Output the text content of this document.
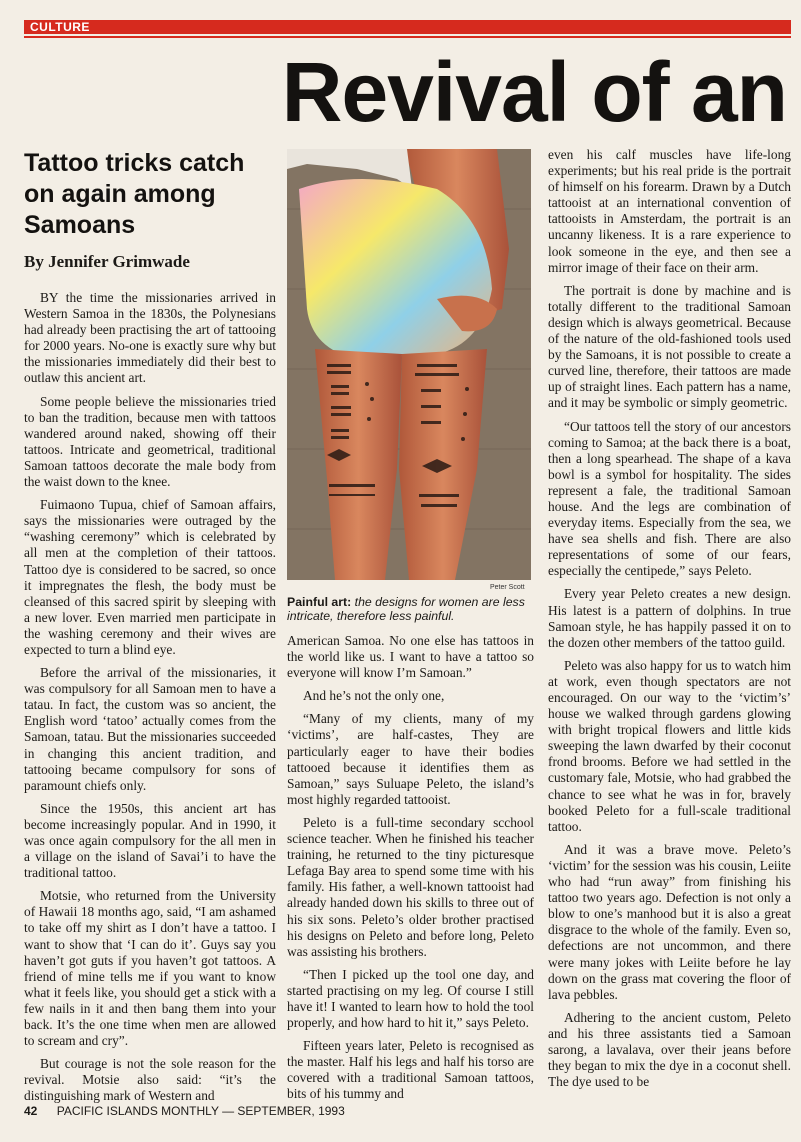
CULTURE
Revival of an
Tattoo tricks catch on again among Samoans
By Jennifer Grimwade

BY the time the missionaries arrived in Western Samoa in the 1830s, the Polynesians had already been practising the art of tattooing for 2000 years. No-one is exactly sure why but the missionaries immediately did their best to outlaw this ancient art.

Some people believe the missionaries tried to ban the tradition, because men with tattoos wandered around naked, showing off their tattoos. Intricate and geometrical, traditional Samoan tattoos decorate the male body from the waist down to the knee.

Fuimaono Tupua, chief of Samoan affairs, says the missionaries were outraged by the “washing ceremony” which is celebrated by all men at the completion of their tattoos. Tattoo dye is considered to be sacred, so once it impregnates the flesh, the body must be cleansed of this sacred spirit by sleeping with a new lover. Even married men participate in the washing ceremony and their wives are expected to turn a blind eye.

Before the arrival of the missionaries, it was compulsory for all Samoan men to have a tatau. In fact, the custom was so ancient, the English word ‘tatoo’ actually comes from the Samoan, tatau. But the missionaries succeeded in changing this ancient tradition, and tattooing became compulsory for sons of paramount chiefs only.

Since the 1950s, this ancient art has become increasingly popular. And in 1990, it was once again compulsory for the all men in a village on the island of Savai’i to have the traditional tattoo.

Motsie, who returned from the University of Hawaii 18 months ago, said, “I am ashamed to take off my shirt as I don’t have a tattoo. I want to show that ‘I can do it’. Guys say you haven’t got guts if you haven’t got tattoos. A friend of mine tells me if you want to know what it feels like, you should get a stick with a few nails in it and then bang them into your back. It’s the one time when men are allowed to scream and cry”.

But courage is not the sole reason for the revival. Motsie also said: “it’s the distinguishing mark of Western and

Peter Scott
Painful art: the designs for women are less intricate, therefore less painful.

American Samoa. No one else has tattoos in the world like us. I want to have a tattoo so everyone will know I’m Samoan.”

And he’s not the only one,

“Many of my clients, many of my ‘victims’, are half-castes, They are particularly eager to have their bodies tattooed because it identifies them as Samoan,” says Suluape Peleto, the island’s most highly regarded tattooist.

Peleto is a full-time secondary scchool science teacher. When he finished his teacher training, he returned to the tiny picturesque Lefaga Bay area to spend some time with his family. His father, a well-known tattooist had already handed down his skills to three out of his six sons. Peleto’s older brother practised his designs on Peleto and before long, Peleto was assisting his brothers.

“Then I picked up the tool one day, and started practising on my leg. Of course I still have it! I wanted to learn how to hold the tool properly, and how hard to hit it,” says Peleto.

Fifteen years later, Peleto is recognised as the master. Half his legs and half his torso are covered with a traditional Samoan tattoos, bits of his tummy and

even his calf muscles have life-long experiments; but his real pride is the portrait of himself on his forearm. Drawn by a Dutch tattooist at an international convention of tattooists in Amsterdam, the portrait is an uncanny likeness. It is a rare experience to look someone in the eye, and then see a mirror image of their face on their arm.

The portrait is done by machine and is totally different to the traditional Samoan design which is always geometrical. Because of the nature of the old-fashioned tools used by the Samoans, it is not possible to create a curved line, therefore, their tattoos are made up of straight lines. Each pattern has a name, and it may be symbolic or simply geometric.

“Our tattoos tell the story of our ancestors coming to Samoa; at the back there is a boat, then a long spearhead. The shape of a kava bowl is a symbol for hospitality. The sides represent a fale, the traditional Samoan house. And the legs are combination of everyday items. Especially from the sea, we have sea shells and fish. There are also representations of some of our fears, especially the centipede,” says Peleto.

Every year Peleto creates a new design. His latest is a pattern of dolphins. In true Samoan style, he has happily passed it on to the dozen other members of the tattoo guild.

Peleto was also happy for us to watch him at work, even though spectators are not encouraged. On our way to the ‘victim’s’ house we walked through gardens glowing with bright tropical flowers and little kids sweeping the lawn dwarfed by their coconut frond brooms. Before we had settled in the customary fale, Motsie, who had grabbed the chance to see what he was in for, bravely booked Peleto for a full-scale traditional tattoo.

And it was a brave move. Peleto’s ‘victim’ for the session was his cousin, Leiite who had “run away” from finishing his tattoo two years ago. Defection is not only a blow to one’s manhood but it is also a great disgrace to the whole of the family. Even so, defections are not uncommon, and there were many jokes with Leiite before he lay down on the grass mat covering the floor of lava pebbles.

Adhering to the ancient custom, Peleto and his three assistants tied a Samoan sarong, a lavalava, over their jeans before they began to mix the dye in a coconut shell. The dye used to be

42 PACIFIC ISLANDS MONTHLY — SEPTEMBER, 1993
